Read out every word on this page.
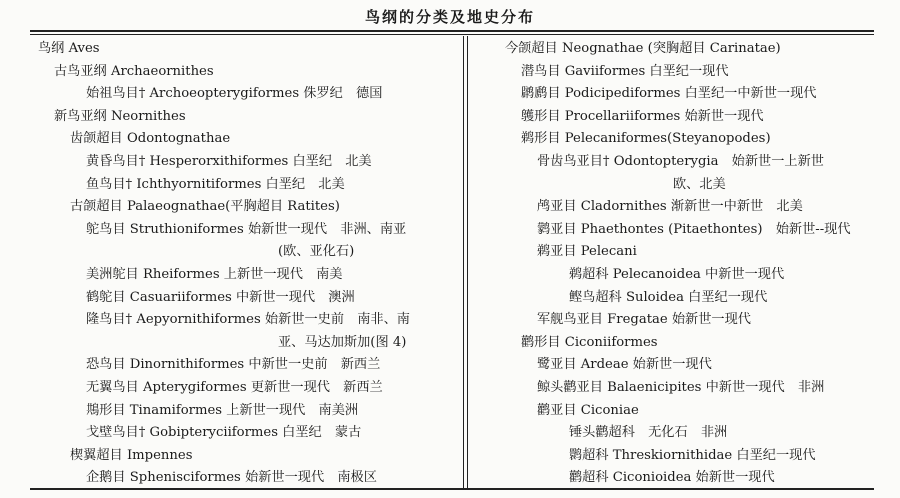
鸟纲的分类及地史分布
鸟纲 Aves
古鸟亚纲 Archaeornithes
始祖鸟目† Archoeopterygiformes 侏罗纪　德国
新鸟亚纲 Neornithes
齿颌超目 Odontognathae
黄昏鸟目† Hesperorxithiformes 白垩纪　北美
鱼鸟目† Ichthyornitiformes 白垩纪　北美
古颌超目 Palaeognathae(平胸超目 Ratites)
鸵鸟目 Struthioniformes 始新世一现代　非洲、南亚
(欧、亚化石)
美洲鸵目 Rheiformes 上新世一现代　南美
鹤鸵目 Casuariiformes 中新世一现代　澳洲
隆鸟目† Aepyornithiformes 始新世一史前　南非、南
亚、马达加斯加(图 4)
恐鸟目 Dinornithiformes 中新世一史前　新西兰
无翼鸟目 Apterygiformes 更新世一现代　新西兰
䳍形目 Tinamiformes 上新世一现代　南美洲
戈壁鸟目† Gobipteryciiformes 白垩纪　蒙古
楔翼超目 Impennes
企鹅目 Sphenisciformes 始新世一现代　南极区
今颌超目 Neognathae (突胸超目 Carinatae)
潜鸟目 Gaviiformes 白垩纪一现代
䴙䴘目 Podicipediformes 白垩纪一中新世一现代
鹱形目 Procellariiformes 始新世一现代
鹈形目 Pelecaniformes(Steyanopodes)
骨齿鸟亚目† Odontopterygia　始新世一上新世
欧、北美
鸬亚目 Cladornithes 渐新世一中新世　北美
鹲亚目 Phaethontes (Pitaethontes)　始新世--现代
鹈亚目 Pelecani
鹈超科 Pelecanoidea 中新世一现代
鲣鸟超科 Suloidea 白垩纪一现代
军舰鸟亚目 Fregatae 始新世一现代
鹳形目 Ciconiiformes
鹭亚目 Ardeae 始新世一现代
鲸头鹳亚目 Balaenicipites 中新世一现代　非洲
鹳亚目 Ciconiae
锤头鹳超科　无化石　非洲
鹮超科 Threskiornithidae 白垩纪一现代
鹳超科 Ciconioidea 始新世一现代
